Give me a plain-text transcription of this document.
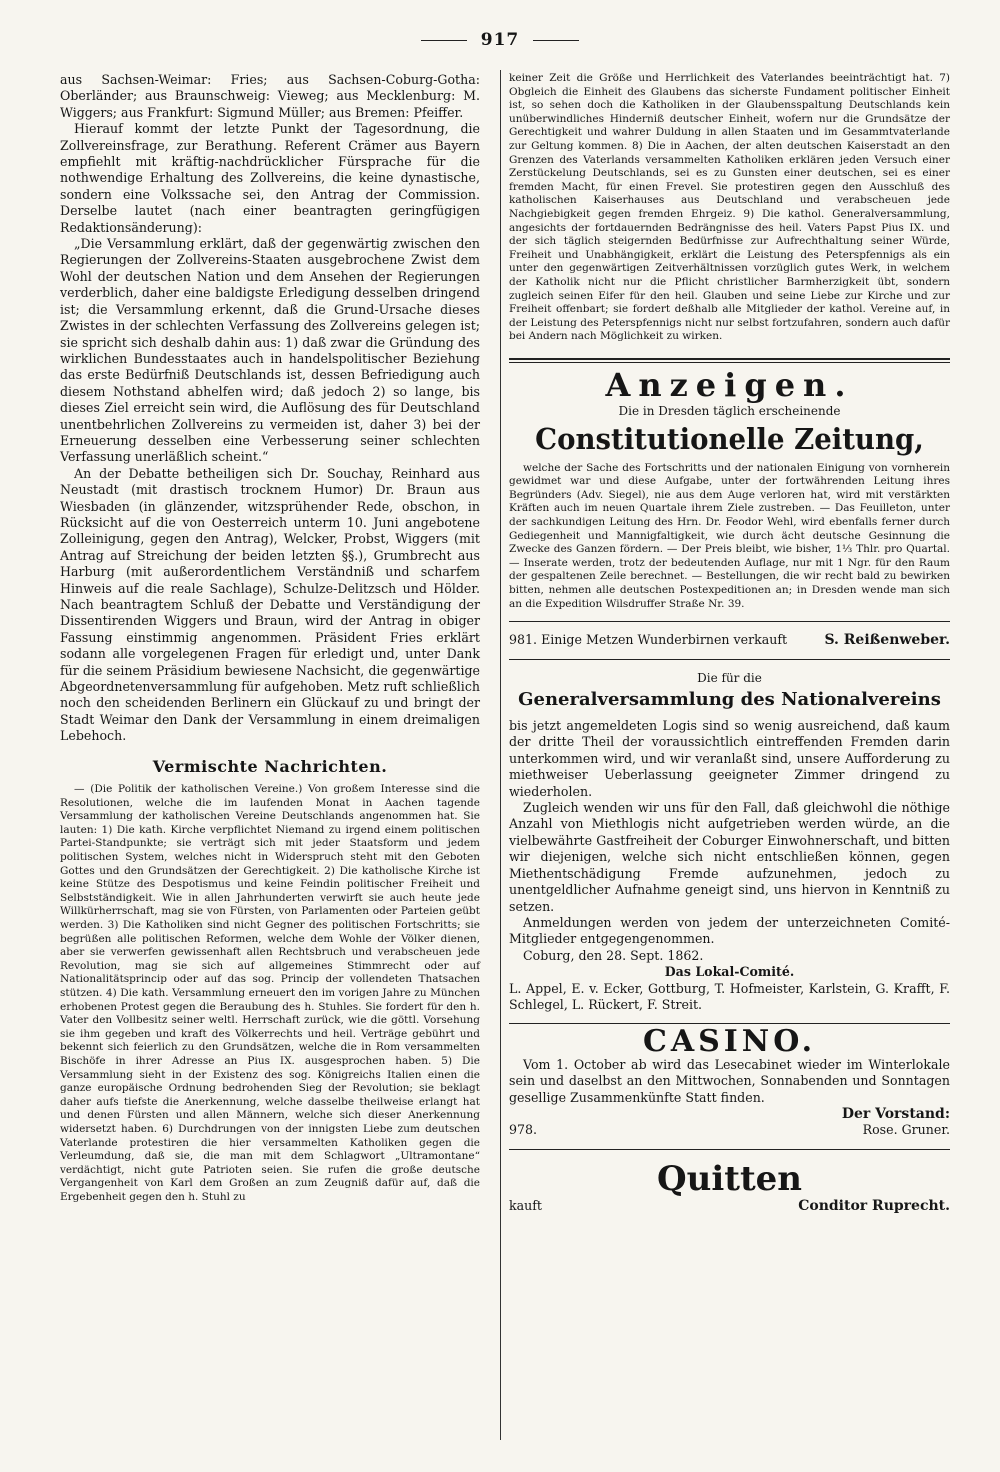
917

aus Sachsen-Weimar: Fries; aus Sachsen-Coburg-Gotha: Oberländer; aus Braunschweig: Vieweg; aus Mecklenburg: M. Wiggers; aus Frankfurt: Sigmund Müller; aus Bremen: Pfeiffer.

Hierauf kommt der letzte Punkt der Tagesordnung, die Zollvereinsfrage, zur Berathung. Referent Crämer aus Bayern empfiehlt mit kräftig-nachdrücklicher Fürsprache für die nothwendige Erhaltung des Zollvereins, die keine dynastische, sondern eine Volkssache sei, den Antrag der Commission. Derselbe lautet (nach einer beantragten geringfügigen Redaktionsänderung):

„Die Versammlung erklärt, daß der gegenwärtig zwischen den Regierungen der Zollvereins-Staaten ausgebrochene Zwist dem Wohl der deutschen Nation und dem Ansehen der Regierungen verderblich, daher eine baldigste Erledigung desselben dringend ist; die Versammlung erkennt, daß die Grund-Ursache dieses Zwistes in der schlechten Verfassung des Zollvereins gelegen ist; sie spricht sich deshalb dahin aus: 1) daß zwar die Gründung des wirklichen Bundesstaates auch in handelspolitischer Beziehung das erste Bedürfniß Deutschlands ist, dessen Befriedigung auch diesem Nothstand abhelfen wird; daß jedoch 2) so lange, bis dieses Ziel erreicht sein wird, die Auflösung des für Deutschland unentbehrlichen Zollvereins zu vermeiden ist, daher 3) bei der Erneuerung desselben eine Verbesserung seiner schlechten Verfassung unerläßlich scheint.“

An der Debatte betheiligen sich Dr. Souchay, Reinhard aus Neustadt (mit drastisch trocknem Humor) Dr. Braun aus Wiesbaden (in glänzender, witzsprühender Rede, obschon, in Rücksicht auf die von Oesterreich unterm 10. Juni angebotene Zolleinigung, gegen den Antrag), Welcker, Probst, Wiggers (mit Antrag auf Streichung der beiden letzten §§.), Grumbrecht aus Harburg (mit außerordentlichem Verständniß und scharfem Hinweis auf die reale Sachlage), Schulze-Delitzsch und Hölder. Nach beantragtem Schluß der Debatte und Verständigung der Dissentirenden Wiggers und Braun, wird der Antrag in obiger Fassung einstimmig angenommen. Präsident Fries erklärt sodann alle vorgelegenen Fragen für erledigt und, unter Dank für die seinem Präsidium bewiesene Nachsicht, die gegenwärtige Abgeordnetenversammlung für aufgehoben. Metz ruft schließlich noch den scheidenden Berlinern ein Glückauf zu und bringt der Stadt Weimar den Dank der Versammlung in einem dreimaligen Lebehoch.

Vermischte Nachrichten.

— (Die Politik der katholischen Vereine.) Von großem Interesse sind die Resolutionen, welche die im laufenden Monat in Aachen tagende Versammlung der katholischen Vereine Deutschlands angenommen hat. Sie lauten: 1) Die kath. Kirche verpflichtet Niemand zu irgend einem politischen Partei-Standpunkte; sie verträgt sich mit jeder Staatsform und jedem politischen System, welches nicht in Widerspruch steht mit den Geboten Gottes und den Grundsätzen der Gerechtigkeit. 2) Die katholische Kirche ist keine Stütze des Despotismus und keine Feindin politischer Freiheit und Selbstständigkeit. Wie in allen Jahrhunderten verwirft sie auch heute jede Willkürherrschaft, mag sie von Fürsten, von Parlamenten oder Parteien geübt werden. 3) Die Katholiken sind nicht Gegner des politischen Fortschritts; sie begrüßen alle politischen Reformen, welche dem Wohle der Völker dienen, aber sie verwerfen gewissenhaft allen Rechtsbruch und verabscheuen jede Revolution, mag sie sich auf allgemeines Stimmrecht oder auf Nationalitätsprincip oder auf das sog. Princip der vollendeten Thatsachen stützen. 4) Die kath. Versammlung erneuert den im vorigen Jahre zu München erhobenen Protest gegen die Beraubung des h. Stuhles. Sie fordert für den h. Vater den Vollbesitz seiner weltl. Herrschaft zurück, wie die göttl. Vorsehung sie ihm gegeben und kraft des Völkerrechts und heil. Verträge gebührt und bekennt sich feierlich zu den Grundsätzen, welche die in Rom versammelten Bischöfe in ihrer Adresse an Pius IX. ausgesprochen haben. 5) Die Versammlung sieht in der Existenz des sog. Königreichs Italien einen die ganze europäische Ordnung bedrohenden Sieg der Revolution; sie beklagt daher aufs tiefste die Anerkennung, welche dasselbe theilweise erlangt hat und denen Fürsten und allen Männern, welche sich dieser Anerkennung widersetzt haben. 6) Durchdrungen von der innigsten Liebe zum deutschen Vaterlande protestiren die hier versammelten Katholiken gegen die Verleumdung, daß sie, die man mit dem Schlagwort „Ultramontane“ verdächtigt, nicht gute Patrioten seien. Sie rufen die große deutsche Vergangenheit von Karl dem Großen an zum Zeugniß dafür auf, daß die Ergebenheit gegen den h. Stuhl zu

keiner Zeit die Größe und Herrlichkeit des Vaterlandes beeinträchtigt hat. 7) Obgleich die Einheit des Glaubens das sicherste Fundament politischer Einheit ist, so sehen doch die Katholiken in der Glaubensspaltung Deutschlands kein unüberwindliches Hinderniß deutscher Einheit, wofern nur die Grundsätze der Gerechtigkeit und wahrer Duldung in allen Staaten und im Gesammtvaterlande zur Geltung kommen. 8) Die in Aachen, der alten deutschen Kaiserstadt an den Grenzen des Vaterlands versammelten Katholiken erklären jeden Versuch einer Zerstückelung Deutschlands, sei es zu Gunsten einer deutschen, sei es einer fremden Macht, für einen Frevel. Sie protestiren gegen den Ausschluß des katholischen Kaiserhauses aus Deutschland und verabscheuen jede Nachgiebigkeit gegen fremden Ehrgeiz. 9) Die kathol. Generalversammlung, angesichts der fortdauernden Bedrängnisse des heil. Vaters Papst Pius IX. und der sich täglich steigernden Bedürfnisse zur Aufrechthaltung seiner Würde, Freiheit und Unabhängigkeit, erklärt die Leistung des Peterspfennigs als ein unter den gegenwärtigen Zeitverhältnissen vorzüglich gutes Werk, in welchem der Katholik nicht nur die Pflicht christlicher Barmherzigkeit übt, sondern zugleich seinen Eifer für den heil. Glauben und seine Liebe zur Kirche und zur Freiheit offenbart; sie fordert deßhalb alle Mitglieder der kathol. Vereine auf, in der Leistung des Peterspfennigs nicht nur selbst fortzufahren, sondern auch dafür bei Andern nach Möglichkeit zu wirken.

Anzeigen.
Die in Dresden täglich erscheinende
Constitutionelle Zeitung,

welche der Sache des Fortschritts und der nationalen Einigung von vornherein gewidmet war und diese Aufgabe, unter der fortwährenden Leitung ihres Begründers (Adv. Siegel), nie aus dem Auge verloren hat, wird mit verstärkten Kräften auch im neuen Quartale ihrem Ziele zustreben. — Das Feuilleton, unter der sachkundigen Leitung des Hrn. Dr. Feodor Wehl, wird ebenfalls ferner durch Gediegenheit und Mannigfaltigkeit, wie durch ächt deutsche Gesinnung die Zwecke des Ganzen fördern. — Der Preis bleibt, wie bisher, 1⅓ Thlr. pro Quartal. — Inserate werden, trotz der bedeutenden Auflage, nur mit 1 Ngr. für den Raum der gespaltenen Zeile berechnet. — Bestellungen, die wir recht bald zu bewirken bitten, nehmen alle deutschen Postexpeditionen an; in Dresden wende man sich an die Expedition Wilsdruffer Straße Nr. 39.

981. Einige Metzen Wunderbirnen verkauft	S. Reißenweber.
Die für die
Generalversammlung des Nationalvereins

bis jetzt angemeldeten Logis sind so wenig ausreichend, daß kaum der dritte Theil der voraussichtlich eintreffenden Fremden darin unterkommen wird, und wir veranlaßt sind, unsere Aufforderung zu miethweiser Ueberlassung geeigneter Zimmer dringend zu wiederholen.

Zugleich wenden wir uns für den Fall, daß gleichwohl die nöthige Anzahl von Miethlogis nicht aufgetrieben werden würde, an die vielbewährte Gastfreiheit der Coburger Einwohnerschaft, und bitten wir diejenigen, welche sich nicht entschließen können, gegen Miethentschädigung Fremde aufzunehmen, jedoch zu unentgeldlicher Aufnahme geneigt sind, uns hiervon in Kenntniß zu setzen.

Anmeldungen werden von jedem der unterzeichneten Comité-Mitglieder entgegengenommen.

Coburg, den 28. Sept. 1862.

Das Lokal-Comité.

L. Appel, E. v. Ecker, Gottburg, T. Hofmeister, Karlstein, G. Krafft, F. Schlegel, L. Rückert, F. Streit.

CASINO.

Vom 1. October ab wird das Lesecabinet wieder im Winterlokale sein und daselbst an den Mittwochen, Sonnabenden und Sonntagen gesellige Zusammenkünfte Statt finden.

Der Vorstand:
978.	Rose. Gruner.
Quitten
kauft	Conditor Ruprecht.
